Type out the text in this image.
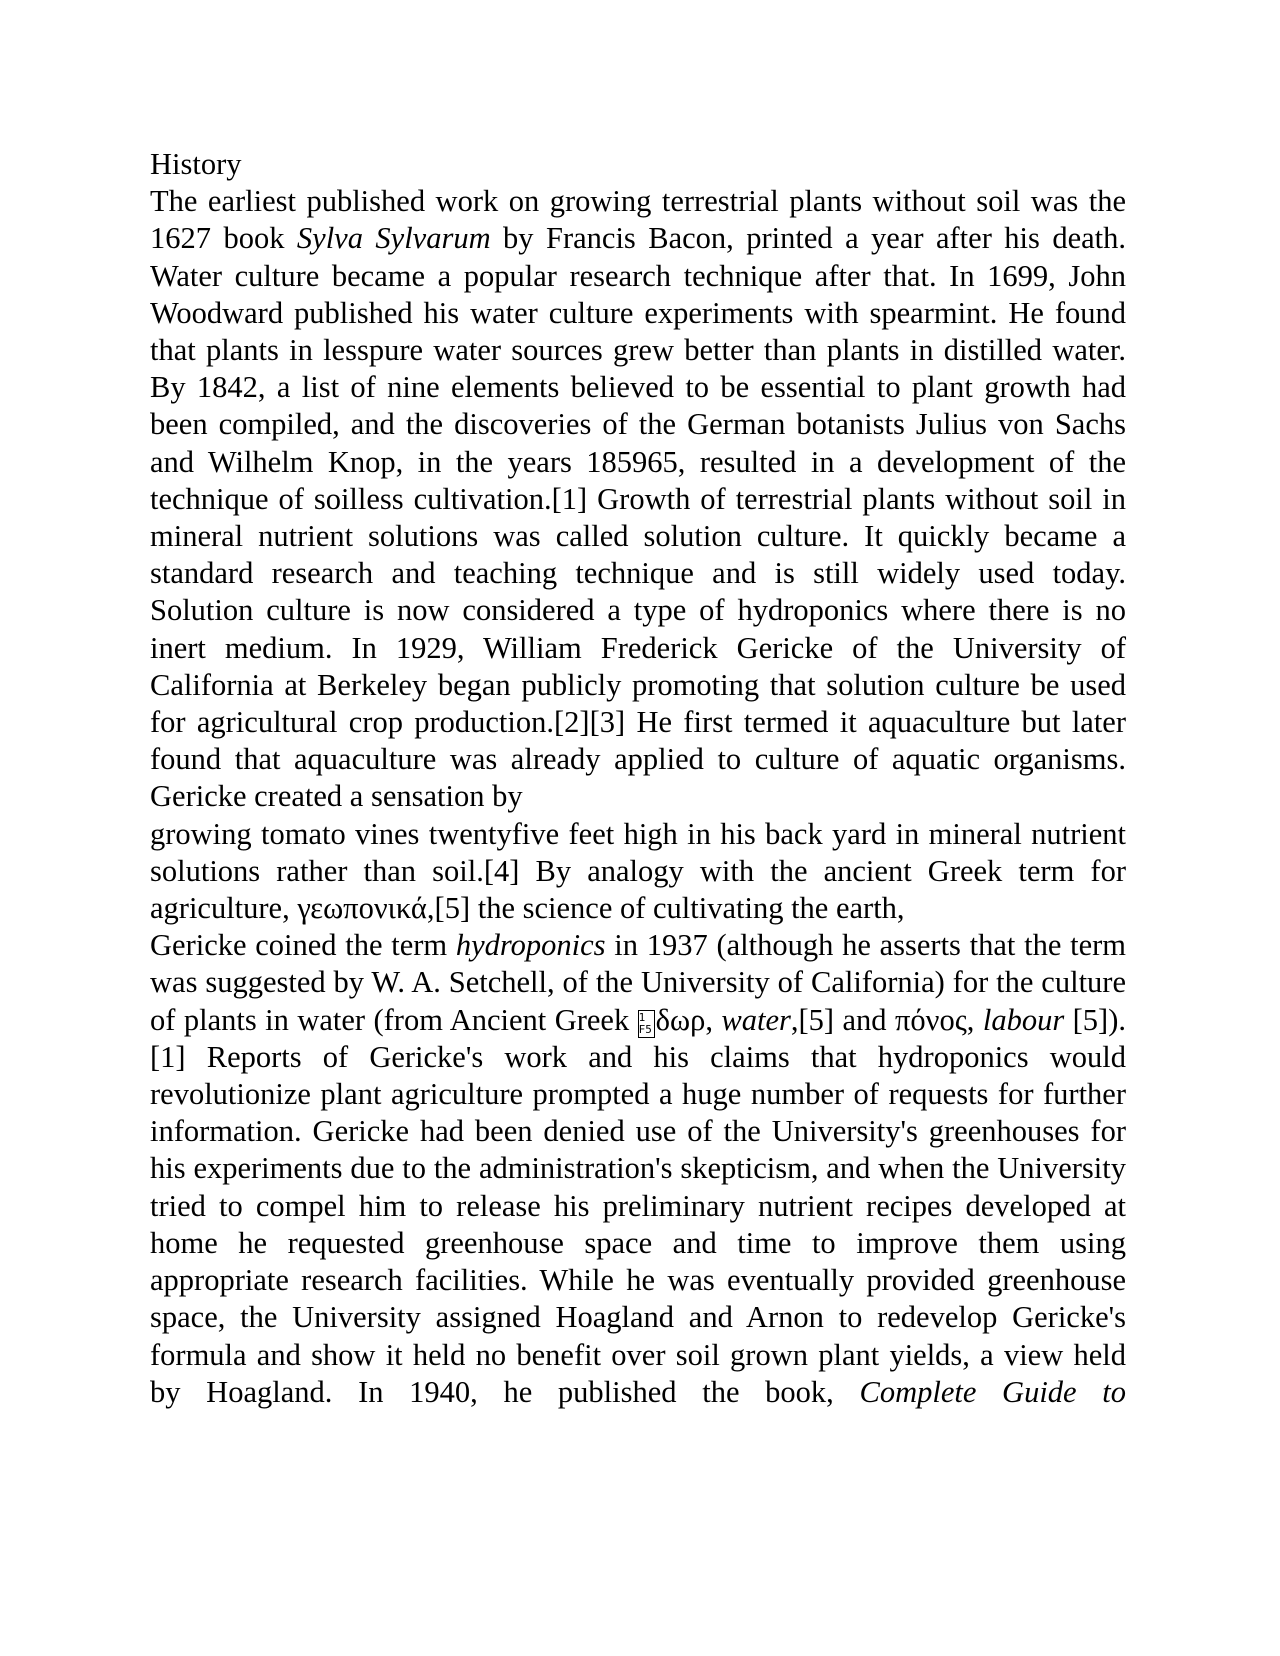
History

The earliest published work on growing terrestrial plants without soil was the 1627 book Sylva Sylvarum by Francis Bacon, printed a year after his death. Water culture became a popular research technique after that. In 1699, John Woodward published his water culture experiments with spearmint. He found that plants in lesspure water sources grew better than plants in distilled water. By 1842, a list of nine elements believed to be essential to plant growth had been compiled, and the discoveries of the German botanists Julius von Sachs and Wilhelm Knop, in the years 185965, resulted in a development of the technique of soilless cultivation.[1] Growth of terrestrial plants without soil in mineral nutrient solutions was called solution culture. It quickly became a standard research and teaching technique and is still widely used today. Solution culture is now considered a type of hydroponics where there is no inert medium. In 1929, William Frederick Gericke of the University of California at Berkeley began publicly promoting that solution culture be used for agricultural crop production.[2][3] He first termed it aquaculture but later found that aquaculture was already applied to culture of aquatic organisms. Gericke created a sensation by

growing tomato vines twentyfive feet high in his back yard in mineral nutrient solutions rather than soil.[4] By analogy with the ancient Greek term for agriculture, γεωπονικά,[5] the science of cultivating the earth,

Gericke coined the term hydroponics in 1937 (although he asserts that the term was suggested by W. A. Setchell, of the University of California) for the culture of plants in water (from Ancient Greek 1
F5 δωρ, water,[5] and πόνος, labour [5]).[1] Reports of Gericke's work and his claims that hydroponics would revolutionize plant agriculture prompted a huge number of requests for further information. Gericke had been denied use of the University's greenhouses for his experiments due to the administration's skepticism, and when the University tried to compel him to release his preliminary nutrient recipes developed at home he requested greenhouse space and time to improve them using appropriate research facilities. While he was eventually provided greenhouse space, the University assigned Hoagland and Arnon to redevelop Gericke's formula and show it held no benefit over soil grown plant yields, a view held by Hoagland. In 1940, he published the book, Complete Guide to
